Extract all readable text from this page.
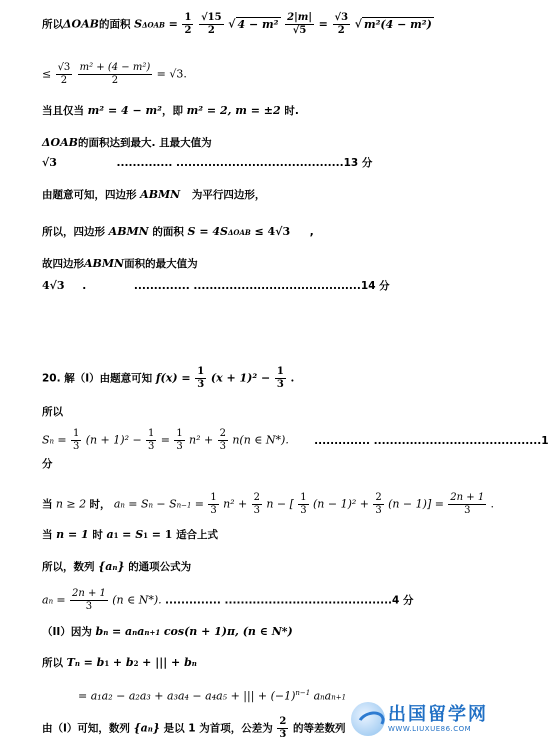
所以ΔOAB的面积 $S\Delta OAB = \frac{1}{2}$
$\frac{√15}{2}$ √ $4 - m^2 \frac{2|m|}{√5} = \frac{√3}{2}$ √ m²(4 − m²)
≤ $\frac{√3}{2}$
$\frac{\text{m² + (4 − m²)}}{2} = √3$.
当且仅当 m² = 4 − m²，即 m² = 2, m = ±2 时.
ΔOAB的面积达到最大. 且最大值为
√3	.............. ..........................................13 分
由题意可知，四边形 ABMN 为平行四边形，
所以，四边形 ABMN 的面积 S = 4SΔOAB ≤ 4√3 ,
故四边形ABMN面积的最大值为
4√3 .	.............. ..........................................14 分
20. 解（I）由题意可知 $f(x) = \frac{1}{3} (x + 1)^2 - \frac{1}{3}$ .
所以
$Sn = \frac{1}{3} (n + 1)^2 - \frac{1}{3} = \frac{1}{3} n^2 + \frac{2}{3} n(n$ ∈ N*). .............. ..........................................1
分
当 n ≥ 2 时， an = $Sn - Sn-1 = \frac{1}{3} n^2 + \frac{2}{3}$ n − [ $\frac{1}{3} (n - 1)^2 + \frac{2}{3} (n - 1)] = \frac{2n + 1}{3}$ .
当 n = 1 时 a1 = S1 = 1 适合上式
所以，数列 {an} 的通项公式为
an = $\frac{2n + 1}{3} (n$ ∈ N*). .............. ..........................................4 分
（II）因为 bn = anan+1 cos(n + 1)π, (n ∈ N*)
所以 Tn = b1 + b2 + ||| + bn
= a₁a₂ − a₂a₃ + a₃a₄ − a₄a₅ + ||| + $(-1)^{n-1}$ anan+1
由（I）可知，数列 {an} 是以 1 为首项，公差为 $\frac{2}{3}$ 的等差数列
出国留学网
WWW.LIUXUE86.COM
